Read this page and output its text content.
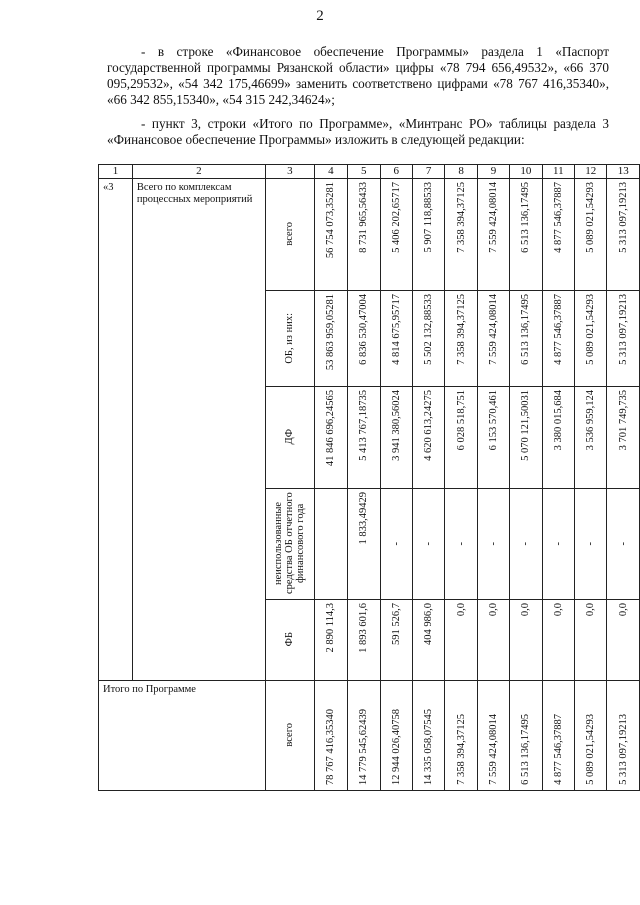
2

- в строке «Финансовое обеспечение Программы» раздела 1 «Паспорт государственной программы Рязанской области» цифры «78 794 656,49532», «66 370 095,29532», «54 342 175,46699» заменить соответствено цифрами «78 767 416,35340», «66 342 855,15340», «54 315 242,34624»;

- пункт 3, строки «Итого по Программе», «Минтранс РО» таблицы раздела 3 «Финансовое обеспечение Программы» изложить в следующей редакции:

1	2	3	4	5	6	7	8	9	10	11	12	13
«3	Всего по комплексам процессных мероприятий	всего	56 754 073,35281	8 731 965,56433	5 406 202,65717	5 907 118,88533	7 358 394,37125	7 559 424,08014	6 513 136,17495	4 877 546,37887	5 089 021,54293	5 313 097,19213

		ОБ, из них:	53 863 959,05281	6 836 530,47004	4 814 675,95717	5 502 132,88533	7 358 394,37125	7 559 424,08014	6 513 136,17495	4 877 546,37887	5 089 021,54293	5 313 097,19213

		ДФ	41 846 696,24565	5 413 767,18735	3 941 380,56024	4 620 613,24275	6 028 518,751	6 153 570,461	5 070 121,50031	3 380 015,684	3 536 959,124	3 701 749,735

		неиспользованные средства ОБ отчетного финансового года		1 833,49429	-	-	-	-	-	-	-	-

		ФБ	2 890 114,3	1 893 601,6	591 526,7	404 986,0	0,0	0,0	0,0	0,0	0,0	0,0

Итого по Программе		всего	78 767 416,35340	14 779 545,62439	12 944 026,40758	14 335 058,07545	7 358 394,37125	7 559 424,08014	6 513 136,17495	4 877 546,37887	5 089 021,54293	5 313 097,19213
